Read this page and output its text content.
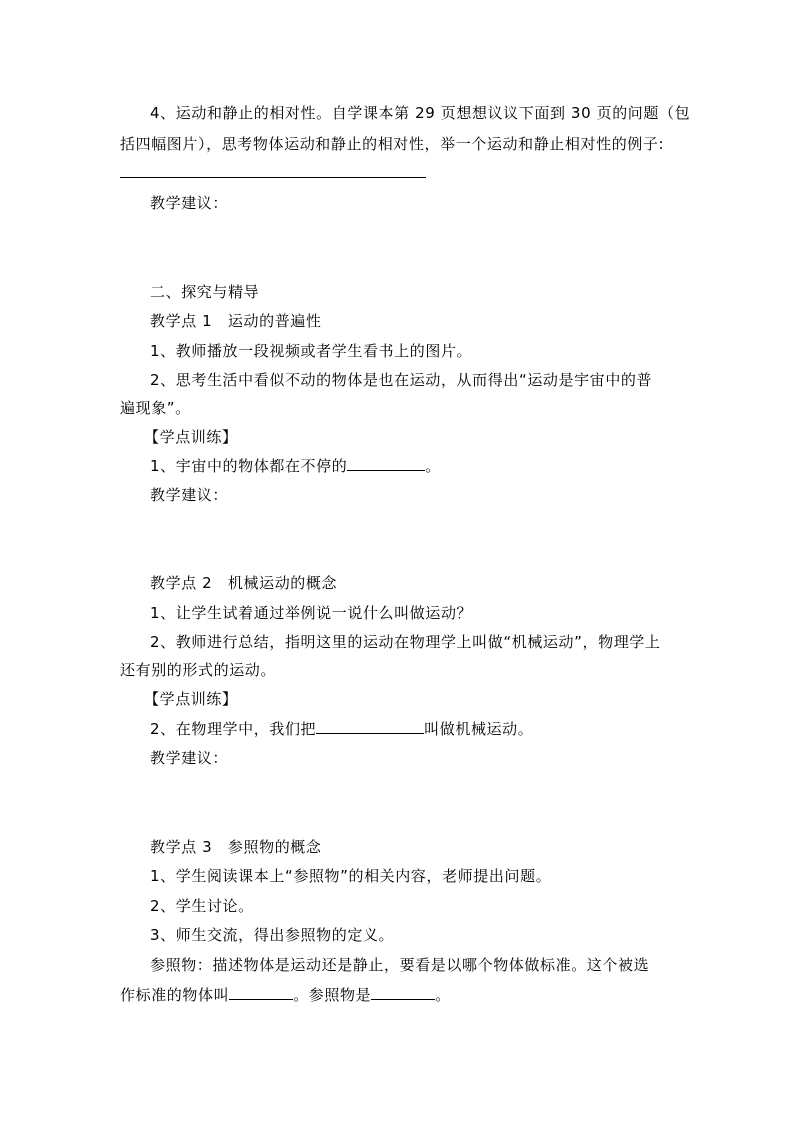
4、运动和静止的相对性。自学课本第 29 页想想议议下面到 30 页的问题（包
括四幅图片），思考物体运动和静止的相对性，举一个运动和静止相对性的例子:
教学建议：
二、探究与精导
教学点 1　运动的普遍性
1、教师播放一段视频或者学生看书上的图片。
2、思考生活中看似不动的物体是也在运动，从而得出“运动是宇宙中的普
遍现象”。
【学点训练】
1、宇宙中的物体都在不停的	。
教学建议：
教学点 2　机械运动的概念
1、让学生试着通过举例说一说什么叫做运动？
2、教师进行总结，指明这里的运动在物理学上叫做“机械运动”，物理学上
还有别的形式的运动。
【学点训练】
2、在物理学中，我们把	叫做机械运动。
教学建议：
教学点 3　参照物的概念
1、学生阅读课本上“参照物”的相关内容，老师提出问题。
2、学生讨论。
3、师生交流，得出参照物的定义。
参照物：描述物体是运动还是静止，要看是以哪个物体做标准。这个被选
作标准的物体叫	。参照物是	。
